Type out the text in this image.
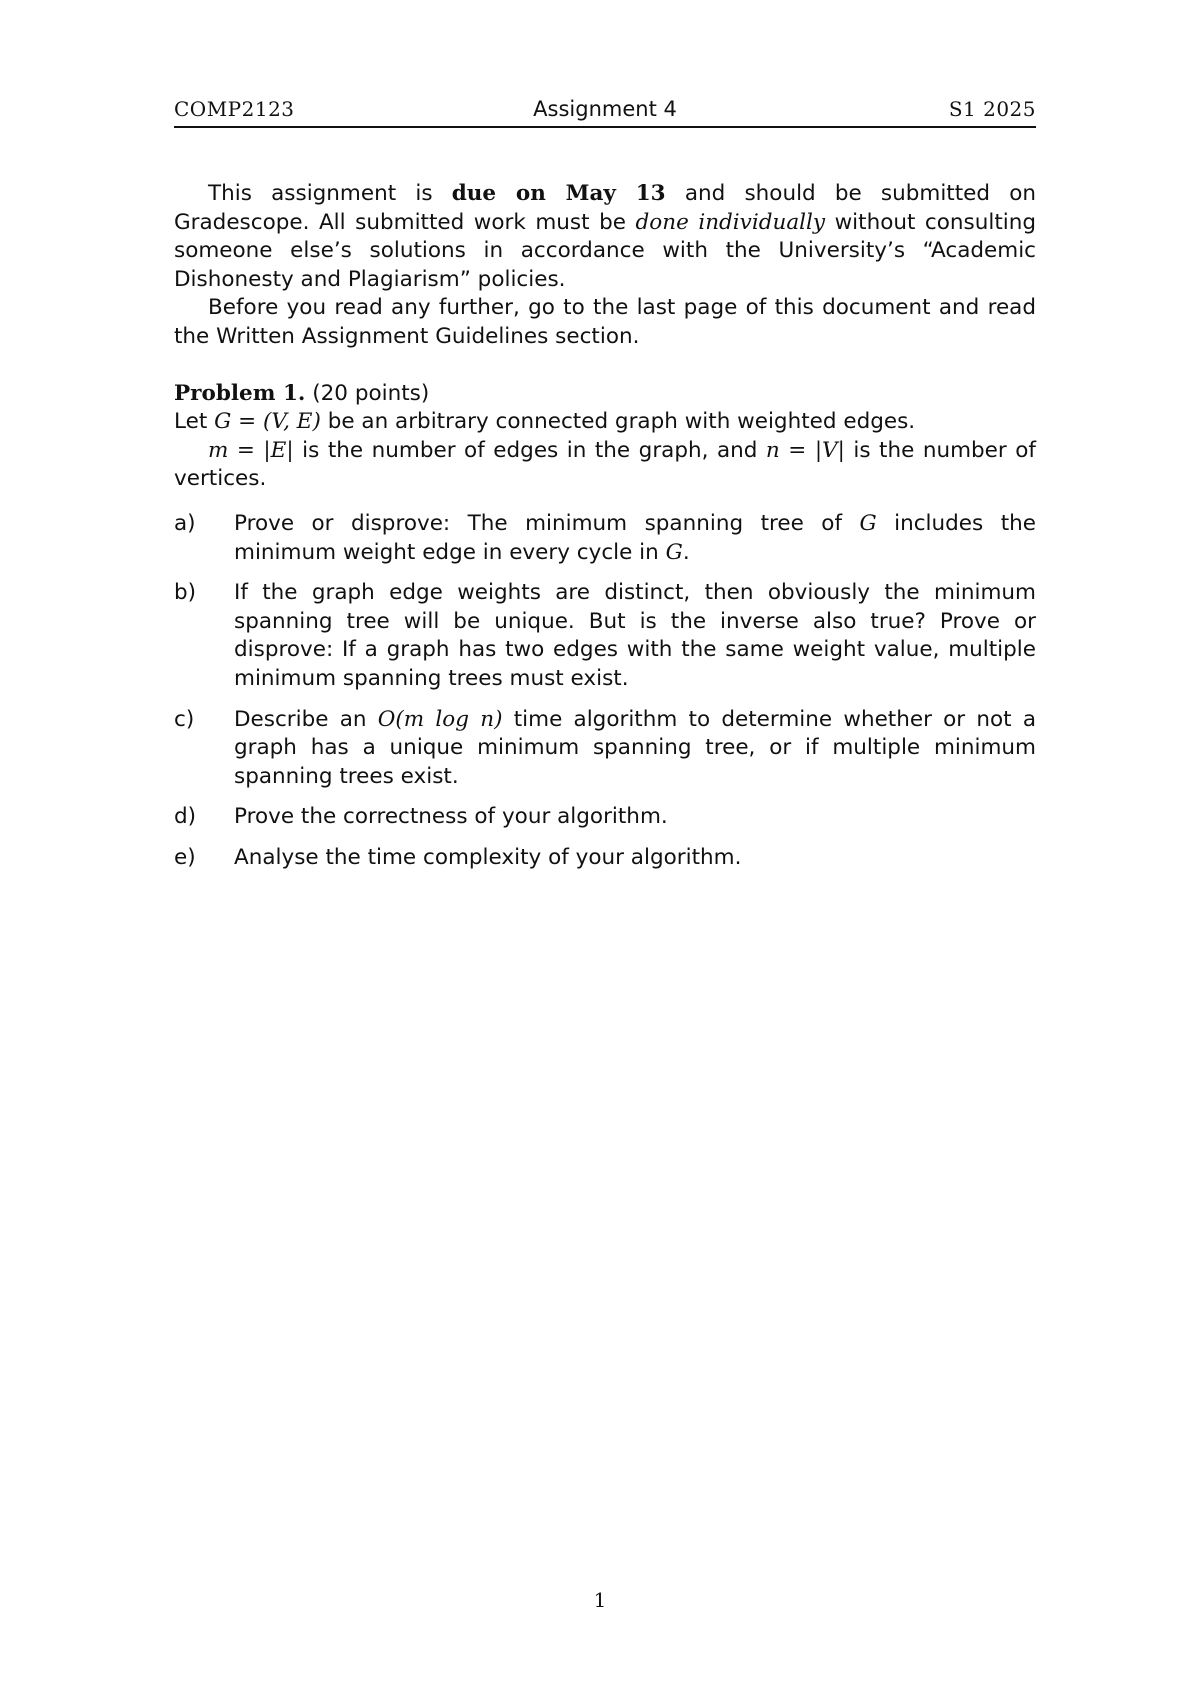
COMP2123	Assignment 4	S1 2025

This assignment is due on May 13 and should be submitted on Gradescope. All submitted work must be done individually without consulting someone else’s solutions in accordance with the University’s “Academic Dishonesty and Plagiarism” policies.

Before you read any further, go to the last page of this document and read the Written Assignment Guidelines section.

Problem 1. (20 points)

Let G = (V, E) be an arbitrary connected graph with weighted edges.

m = |E| is the number of edges in the graph, and n = |V| is the number of vertices.

a) Prove or disprove: The minimum spanning tree of G includes the minimum weight edge in every cycle in G.
b) If the graph edge weights are distinct, then obviously the minimum spanning tree will be unique. But is the inverse also true? Prove or disprove: If a graph has two edges with the same weight value, multiple minimum spanning trees must exist.
c) Describe an O(m log n) time algorithm to determine whether or not a graph has a unique minimum spanning tree, or if multiple minimum spanning trees exist.
d) Prove the correctness of your algorithm.
e) Analyse the time complexity of your algorithm.
1
